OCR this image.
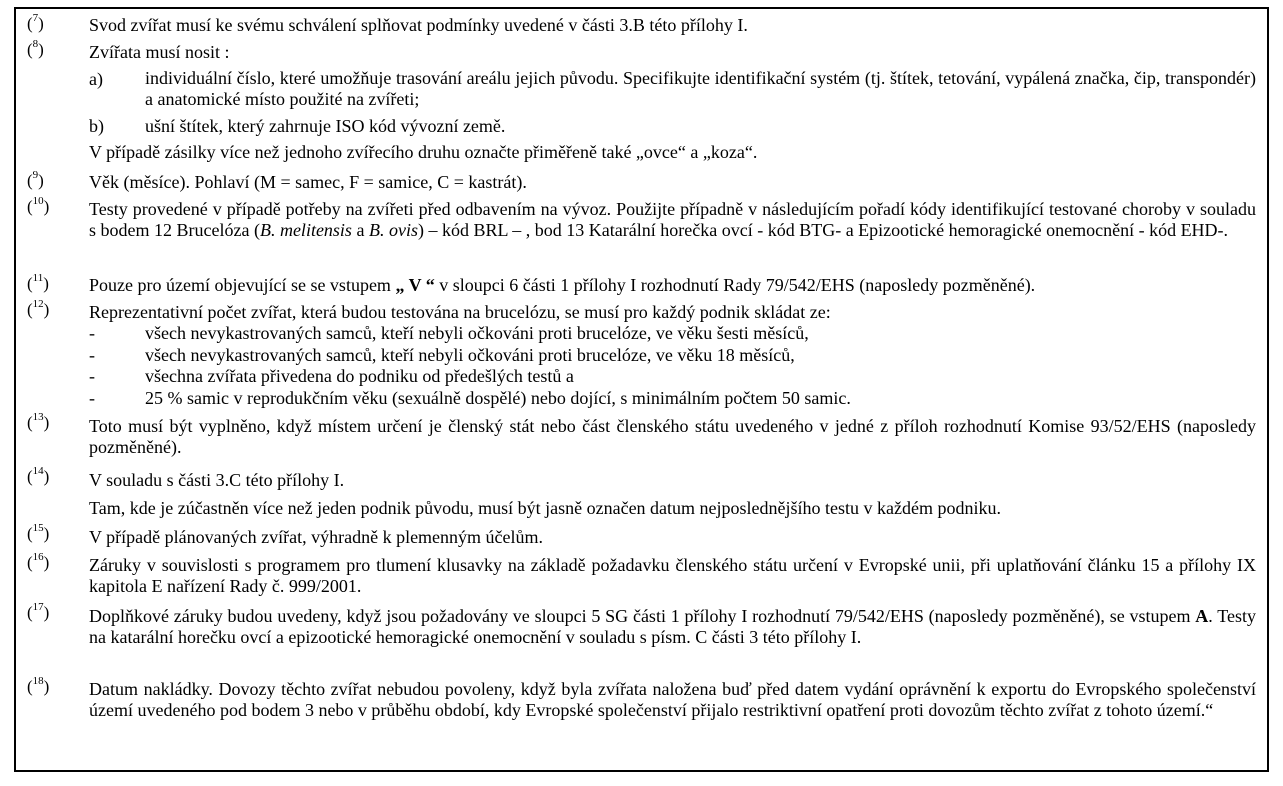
($^7$)	Svod zvířat musí ke svému schválení splňovat podmínky uvedené v části 3.B této přílohy I.
($^8$)	Zvířata musí nosit :
a) individuální číslo, které umožňuje trasování areálu jejich původu. Specifikujte identifikační systém (tj. štítek, tetování, vypálená značka, čip, transpondér) a anatomické místo použité na zvířeti;
b) ušní štítek, který zahrnuje ISO kód vývozní země.
V případě zásilky více než jednoho zvířecího druhu označte přiměřeně také „ovce“ a „koza“.
($^9$)	Věk (měsíce). Pohlaví (M = samec, F = samice, C = kastrát).
($^{10}$) Testy provedené v případě potřeby na zvířeti před odbavením na vývoz. Použijte případně v následujícím pořadí kódy identifikující testované choroby v souladu s bodem 12 Brucelóza (B. melitensis a B. ovis) – kód BRL – , bod 13 Katarální horečka ovcí - kód BTG- a Epizootické hemoragické onemocnění - kód EHD-.
($^{11}$) Pouze pro území objevující se se vstupem „ V “ v sloupci 6 části 1 přílohy I rozhodnutí Rady 79/542/EHS (naposledy pozměněné).
($^{12}$) Reprezentativní počet zvířat, která budou testována na brucelózu, se musí pro každý podnik skládat ze:
-	všech nevykastrovaných samců, kteří nebyli očkováni proti brucelóze, ve věku šesti měsíců,
-	všech nevykastrovaných samců, kteří nebyli očkováni proti brucelóze, ve věku 18 měsíců,
-	všechna zvířata přivedena do podniku od předešlých testů a
-	25 % samic v reprodukčním věku (sexuálně dospělé) nebo dojící, s minimálním počtem 50 samic.
($^{13}$) Toto musí být vyplněno, když místem určení je členský stát nebo část členského státu uvedeného v jedné z příloh rozhodnutí Komise 93/52/EHS (naposledy pozměněné).
($^{14}$) V souladu s části 3.C této přílohy I.
Tam, kde je zúčastněn více než jeden podnik původu, musí být jasně označen datum nejposlednějšího testu v každém podniku.
($^{15}$) V případě plánovaných zvířat, výhradně k plemenným účelům.
($^{16}$) Záruky v souvislosti s programem pro tlumení klusavky na základě požadavku členského státu určení v Evropské unii, při uplatňování článku 15 a přílohy IX kapitola E nařízení Rady č. 999/2001.
($^{17}$) Doplňkové záruky budou uvedeny, když jsou požadovány ve sloupci 5 SG části 1 přílohy I rozhodnutí 79/542/EHS (naposledy pozměněné), se vstupem A. Testy na katarální horečku ovcí a epizootické hemoragické onemocnění v souladu s písm. C části 3 této přílohy I.
($^{18}$) Datum nakládky. Dovozy těchto zvířat nebudou povoleny, když byla zvířata naložena buď před datem vydání oprávnění k exportu do Evropského společenství území uvedeného pod bodem 3 nebo v průběhu období, kdy Evropské společenství přijalo restriktivní opatření proti dovozům těchto zvířat z tohoto území.“
